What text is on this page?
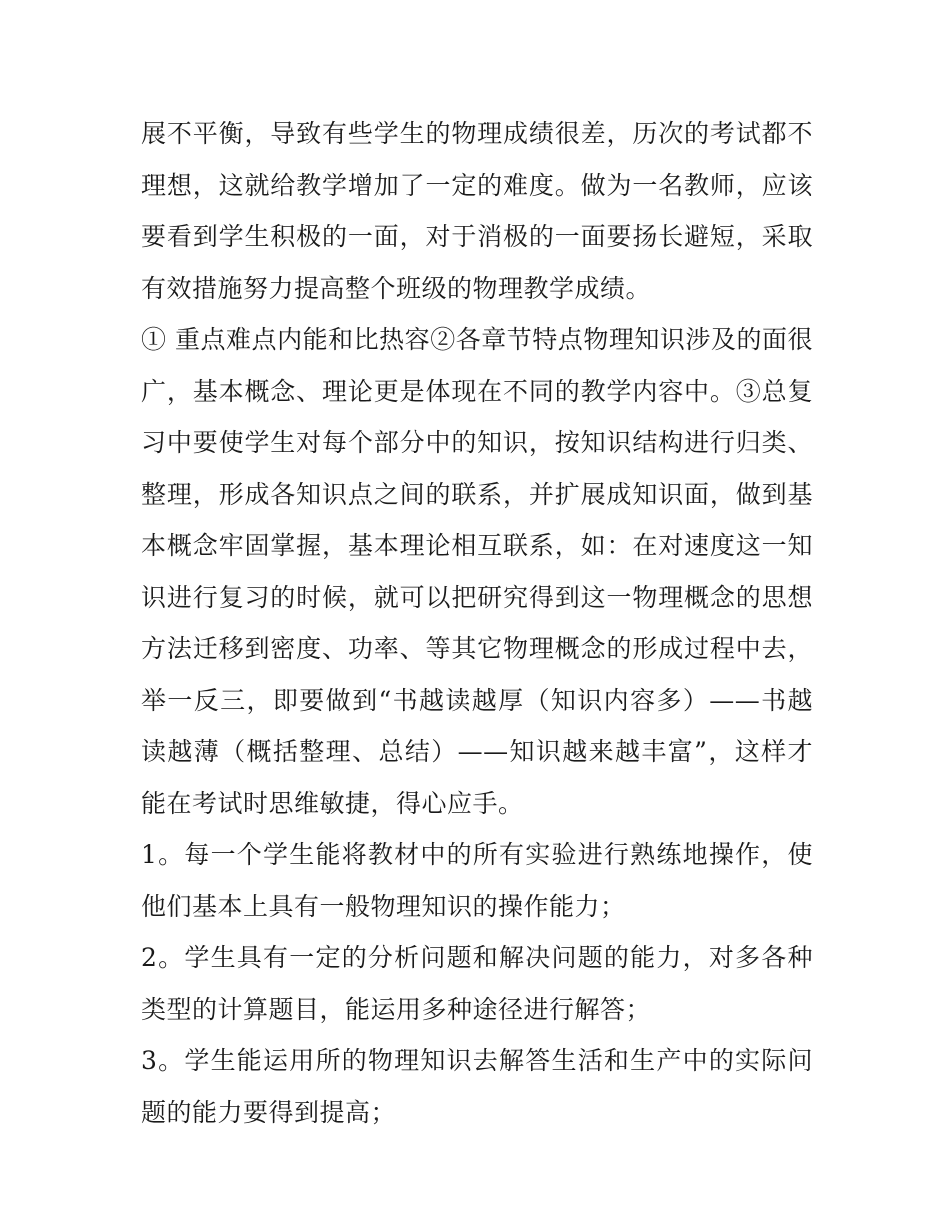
展不平衡，导致有些学生的物理成绩很差，历次的考试都不理想，这就给教学增加了一定的难度。做为一名教师，应该要看到学生积极的一面，对于消极的一面要扬长避短，采取有效措施努力提高整个班级的物理教学成绩。

① 重点难点内能和比热容②各章节特点物理知识涉及的面很广，基本概念、理论更是体现在不同的教学内容中。③总复习中要使学生对每个部分中的知识，按知识结构进行归类、整理，形成各知识点之间的联系，并扩展成知识面，做到基本概念牢固掌握，基本理论相互联系，如：在对速度这一知识进行复习的时候，就可以把研究得到这一物理概念的思想方法迁移到密度、功率、等其它物理概念的形成过程中去，举一反三，即要做到“书越读越厚（知识内容多）——书越读越薄（概括整理、总结）——知识越来越丰富”，这样才能在考试时思维敏捷，得心应手。

1。每一个学生能将教材中的所有实验进行熟练地操作，使他们基本上具有一般物理知识的操作能力；

2。学生具有一定的分析问题和解决问题的能力，对多各种类型的计算题目，能运用多种途径进行解答；

3。学生能运用所的物理知识去解答生活和生产中的实际问题的能力要得到提高；
